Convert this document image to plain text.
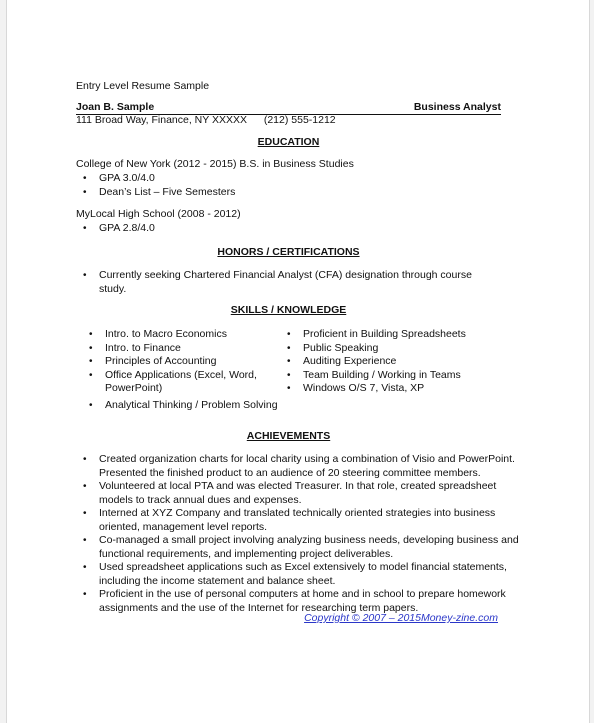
Entry Level Resume Sample
Joan B. Sample	Business Analyst
111 Broad Way, Finance, NY XXXXX (212) 555-1212
EDUCATION
College of New York (2012 - 2015) B.S. in Business Studies
• GPA 3.0/4.0
• Dean’s List – Five Semesters
MyLocal High School (2008 - 2012)
• GPA 2.8/4.0
HONORS / CERTIFICATIONS
• Currently seeking Chartered Financial Analyst (CFA) designation through course study.
SKILLS / KNOWLEDGE
• Intro. to Macro Economics
• Intro. to Finance
• Principles of Accounting
• Office Applications (Excel, Word,
PowerPoint)
• Analytical Thinking / Problem Solving
• Proficient in Building Spreadsheets
• Public Speaking
• Auditing Experience
• Team Building / Working in Teams
• Windows O/S 7, Vista, XP
ACHIEVEMENTS
• Created organization charts for local charity using a combination of Visio and PowerPoint.
Presented the finished product to an audience of 20 steering committee members.
• Volunteered at local PTA and was elected Treasurer. In that role, created spreadsheet
models to track annual dues and expenses.
• Interned at XYZ Company and translated technically oriented strategies into business
oriented, management level reports.
• Co-managed a small project involving analyzing business needs, developing business and
functional requirements, and implementing project deliverables.
• Used spreadsheet applications such as Excel extensively to model financial statements,
including the income statement and balance sheet.
• Proficient in the use of personal computers at home and in school to prepare homework
assignments and the use of the Internet for researching term papers.
Copyright © 2007 – 2015Money-zine.com
